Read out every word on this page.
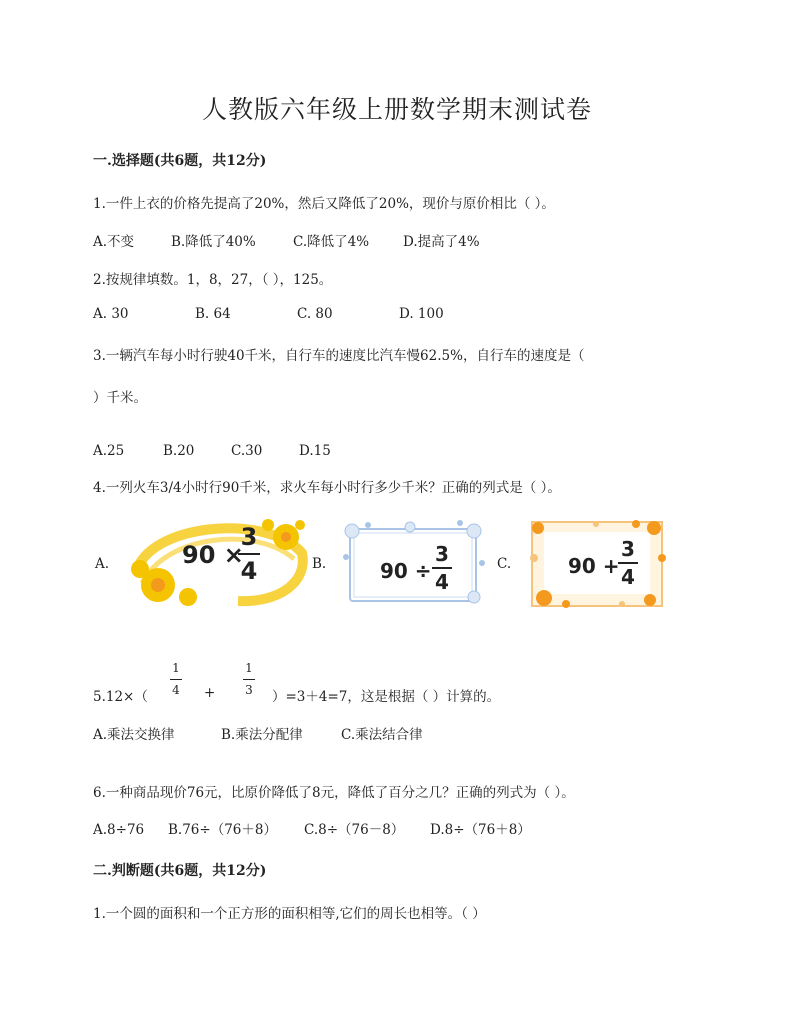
人教版六年级上册数学期末测试卷
一.选择题(共6题，共12分)
1.一件上衣的价格先提高了20%，然后又降低了20%，现价与原价相比（ ）。
A.不变	B.降低了40%	C.降低了4%	D.提高了4%
2.按规律填数。1，8，27，（ ），125。
A. 30	B. 64	C. 80	D. 100
3.一辆汽车每小时行驶40千米，自行车的速度比汽车慢62.5%，自行车的速度是（
）千米。
A.25	B.20	C.30	D.15
4.一列火车3/4小时行90千米，求火车每小时行多少千米？正确的列式是（ ）。
A.	90 ×
3
4	B.	90 ÷
3
4
C.	90 +
3
4
1
4
1
3
5.12×（	+	）=3＋4=7，这是根据（ ）计算的。
A.乘法交换律	B.乘法分配律	C.乘法结合律
6.一种商品现价76元，比原价降低了8元，降低了百分之几？正确的列式为（ ）。
A.8÷76 B.76÷（76＋8） C.8÷（76－8） D.8÷（76＋8）
二.判断题(共6题，共12分)
1.一个圆的面积和一个正方形的面积相等,它们的周长也相等。（ ）
